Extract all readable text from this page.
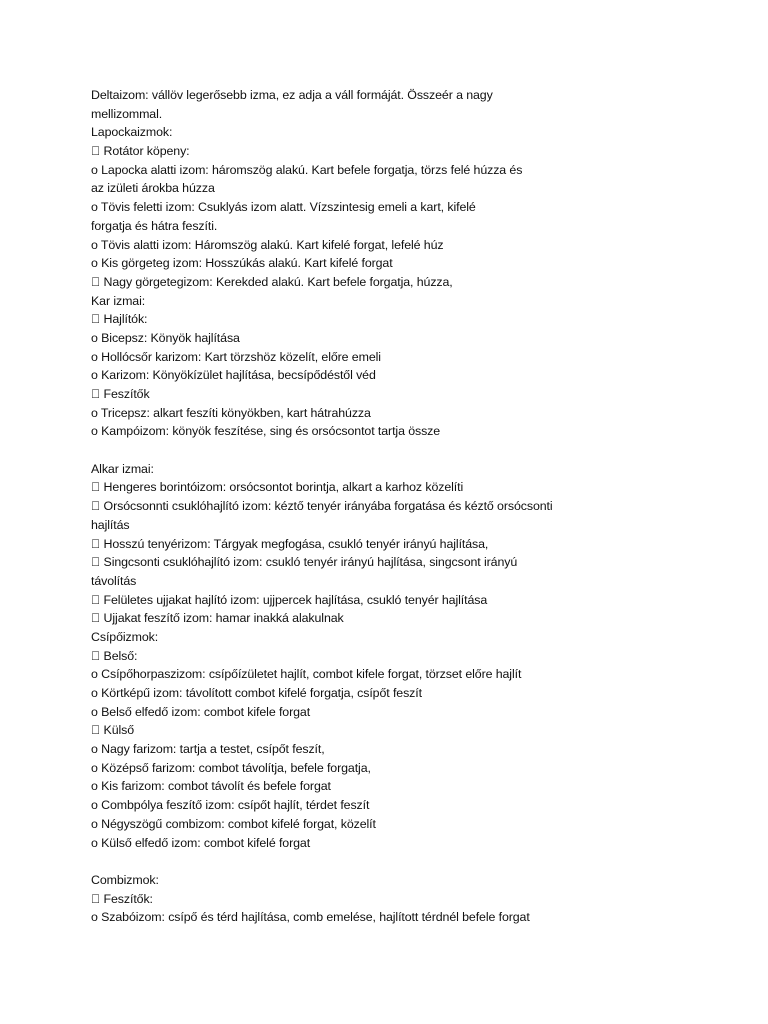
Deltaizom: vállöv legerősebb izma, ez adja a váll formáját. Összeér a nagy
mellizommal.
Lapockaizmok:
Rotátor köpeny:
o Lapocka alatti izom: háromszög alakú. Kart befele forgatja, törzs felé húzza és
az izületi árokba húzza
o Tövis feletti izom: Csuklyás izom alatt. Vízszintesig emeli a kart, kifelé
forgatja és hátra feszíti.
o Tövis alatti izom: Háromszög alakú. Kart kifelé forgat, lefelé húz
o Kis görgeteg izom: Hosszúkás alakú. Kart kifelé forgat
Nagy görgetegizom: Kerekded alakú. Kart befele forgatja, húzza,
Kar izmai:
Hajlítók:
o Bicepsz: Könyök hajlítása
o Hollócsőr karizom: Kart törzshöz közelít, előre emeli
o Karizom: Könyökízület hajlítása, becsípődéstől véd
Feszítők
o Tricepsz: alkart feszíti könyökben, kart hátrahúzza
o Kampóizom: könyök feszítése, sing és orsócsontot tartja össze
Alkar izmai:
Hengeres borintóizom: orsócsontot borintja, alkart a karhoz közelíti
Orsócsonnti csuklóhajlító izom: kéztő tenyér irányába forgatása és kéztő orsócsonti
hajlítás
Hosszú tenyérizom: Tárgyak megfogása, csukló tenyér irányú hajlítása,
Singcsonti csuklóhajlító izom: csukló tenyér irányú hajlítása, singcsont irányú
távolítás
Felületes ujjakat hajlító izom: ujjpercek hajlítása, csukló tenyér hajlítása
Ujjakat feszítő izom: hamar inakká alakulnak
Csípőizmok:
Belső:
o Csípőhorpaszizom: csípőízületet hajlít, combot kifele forgat, törzset előre hajlít
o Körtképű izom: távolított combot kifelé forgatja, csípőt feszít
o Belső elfedő izom: combot kifele forgat
Külső
o Nagy farizom: tartja a testet, csípőt feszít,
o Középső farizom: combot távolítja, befele forgatja,
o Kis farizom: combot távolít és befele forgat
o Combpólya feszítő izom: csípőt hajlít, térdet feszít
o Négyszögű combizom: combot kifelé forgat, közelít
o Külső elfedő izom: combot kifelé forgat
Combizmok:
Feszítők:
o Szabóizom: csípő és térd hajlítása, comb emelése, hajlított térdnél befele forgat
